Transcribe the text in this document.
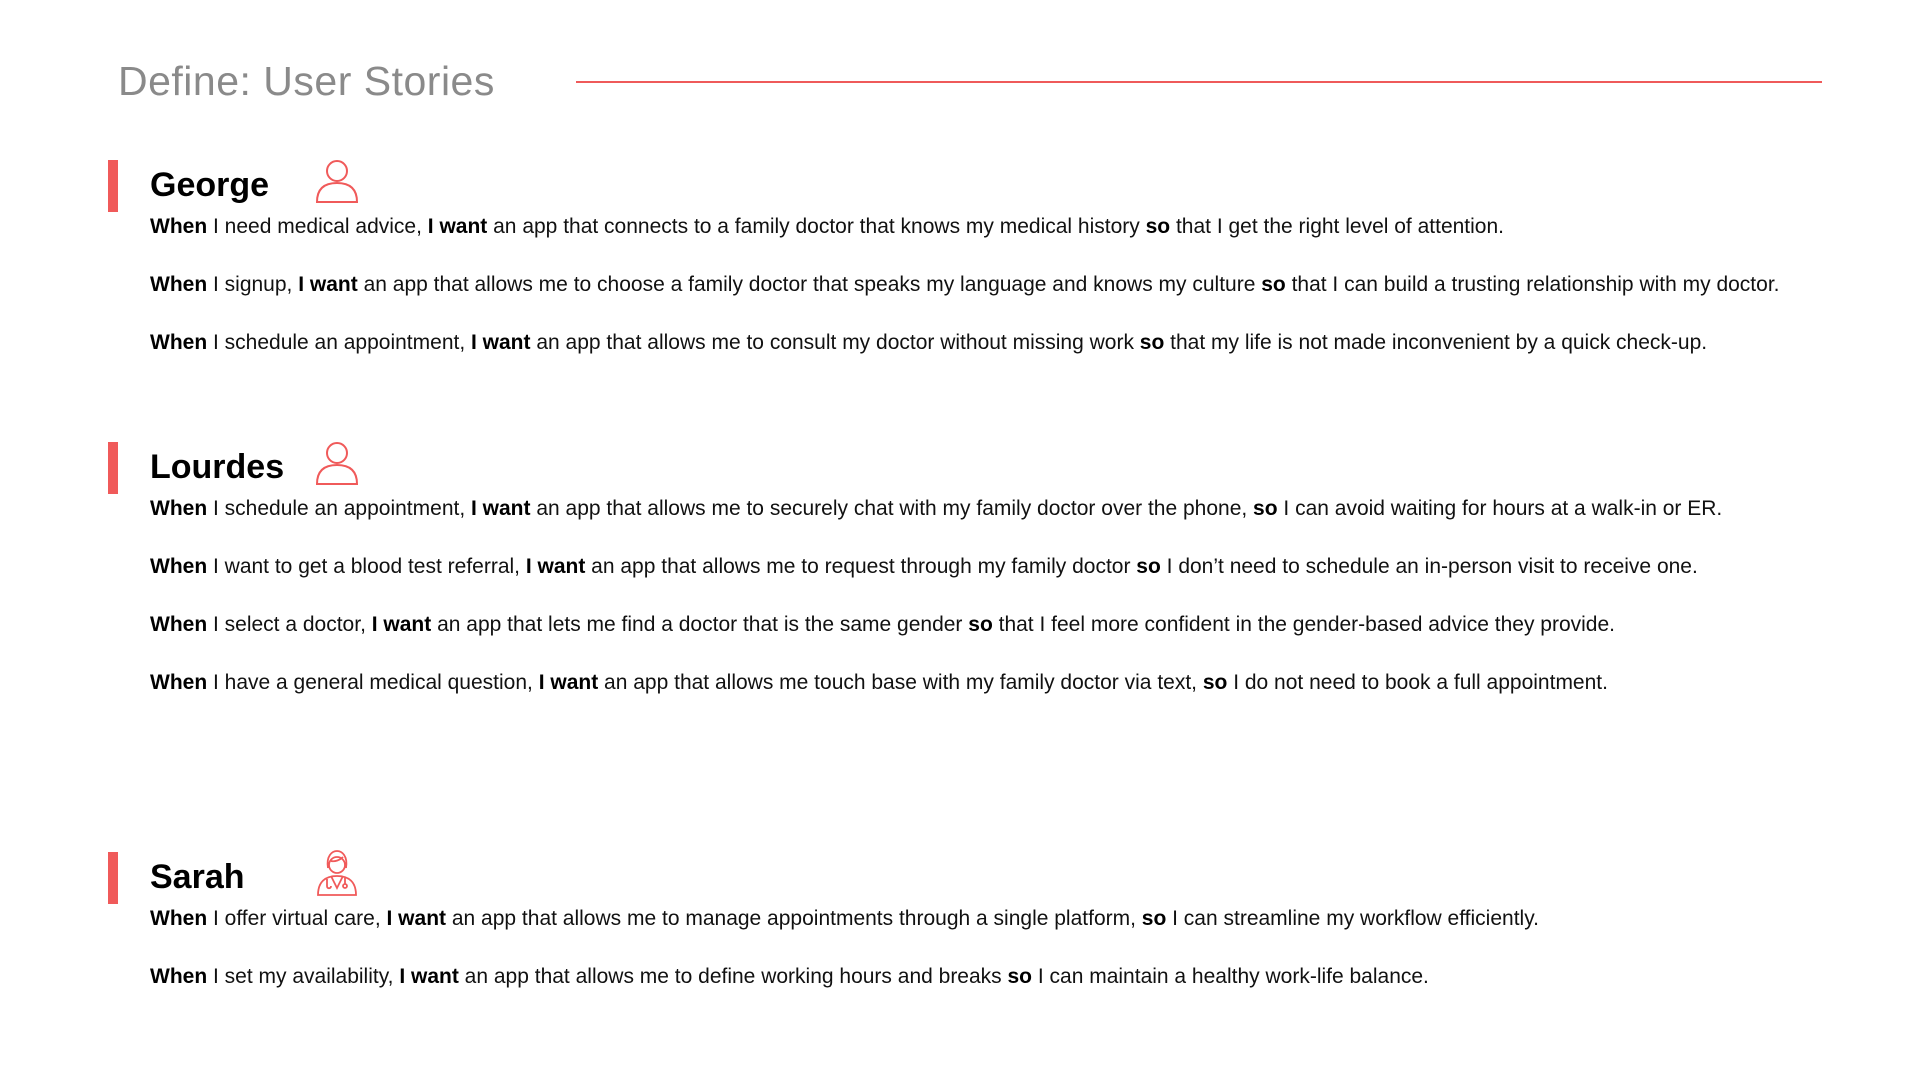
Define: User Stories
George
When I need medical advice, I want an app that connects to a family doctor that knows my medical history so that I get the right level of attention.
When I signup, I want an app that allows me to choose a family doctor that speaks my language and knows my culture so that I can build a trusting relationship with my doctor.
When I schedule an appointment, I want an app that allows me to consult my doctor without missing work so that my life is not made inconvenient by a quick check-up.
Lourdes
When I schedule an appointment, I want an app that allows me to securely chat with my family doctor over the phone, so I can avoid waiting for hours at a walk-in or ER.
When I want to get a blood test referral, I want an app that allows me to request through my family doctor so I don’t need to schedule an in-person visit to receive one.
When I select a doctor, I want an app that lets me find a doctor that is the same gender so that I feel more confident in the gender-based advice they provide.
When I have a general medical question, I want an app that allows me touch base with my family doctor via text, so I do not need to book a full appointment.
Sarah
When I offer virtual care, I want an app that allows me to manage appointments through a single platform, so I can streamline my workflow efficiently.
When I set my availability, I want an app that allows me to define working hours and breaks so I can maintain a healthy work-life balance.
